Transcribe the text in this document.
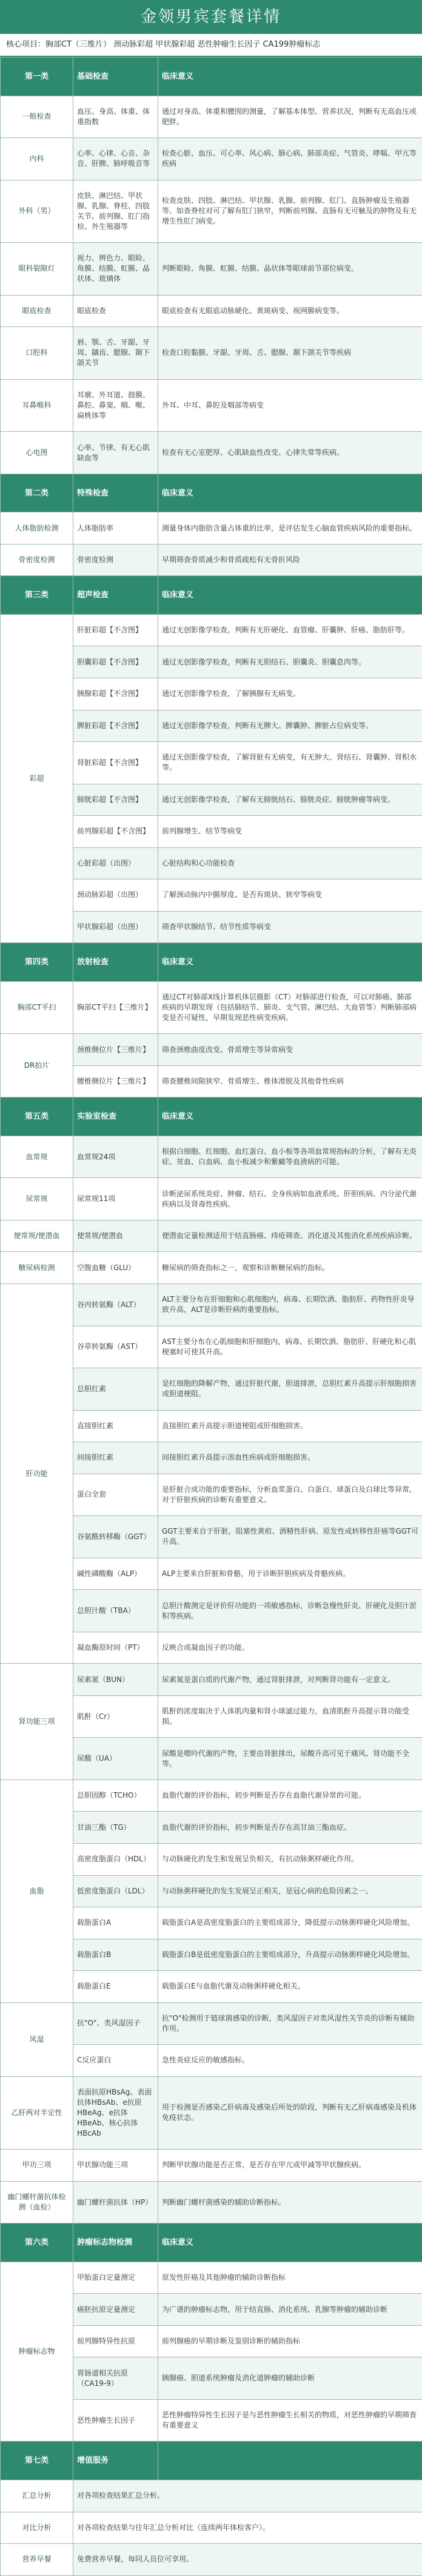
金领男宾套餐详情
核心项目：胸部CT（三维片） 颈动脉彩超 甲状腺彩超 恶性肿瘤生长因子 CA199肿瘤标志
第一类	基础检查	临床意义
一般检查	血压、身高、体重、体重指数	通过对身高、体重和腰围的测量，了解基本体型、营养状况，判断有无高血压或肥胖。
内科	心率、心律、心音、杂音、肝脾、肺呼吸音等	检查心脏、血压、可心率、风心病、肺心病、肺部炎症、气管炎、哮喘、甲亢等疾病
外科（男）	皮肤、淋巴结、甲状腺、乳腺、脊柱、四肢关节、前列腺、肛门指检、外生殖器等	检查皮肤、四肢、淋巴结、甲状腺、乳腺、前列腺、肛门、直肠肿瘤及生殖器等。如查脊柱对可了解有肛门狭窄，判断前列腺、直肠有无可触及的肿物及有无增生性肛门病变。
眼科裂隙灯	视力、辨色力、眼睑、角膜、结膜、虹膜、晶状体、玻璃体	判断眼睑、角膜、虹膜、结膜、晶状体等眼球前节部位病变。
眼底检查	眼底检查	眼底检查有无眼底动脉硬化、黄斑病变、视网膜病变等。
口腔科	唇、颚、舌、牙龈、牙周、龋齿、腮腺、颞下颌关节	检查口腔黏膜、牙龈、牙周、舌、腮腺、颞下颌关节等疾病
耳鼻喉科	耳廓、外耳道、鼓膜、鼻腔、鼻窦、咽、喉、扁桃体等	外耳、中耳、鼻腔及咽部等病变
心电图	心率、节律、有无心肌缺血等	检查有无心室肥厚、心肌缺血性改变、心律失常等疾病。
第二类	特殊检查	临床意义
人体脂肪检测	人体脂肪率	测量身体内脂肪含量占体重的比率，是评估发生心脑血管疾病风险的重要指标。
骨密度检测	骨密度检测	早期筛查骨质减少和骨质疏松有无骨折风险
第三类	超声检查	临床意义
彩超	肝脏彩超【不含图】	通过无创影像学检查，判断有无肝硬化、血管瘤、肝囊肿、肝癌、脂肪肝等。
	胆囊彩超【不含图】	通过无创影像学检查，判断有无胆结石、胆囊炎、胆囊息肉等。
	胰腺彩超【不含图】	通过无创影像学检查，了解胰腺有无病变。
	脾脏彩超【不含图】	通过无创影像学检查，判断有无脾大、脾囊肿、脾脏占位病变等。
	肾脏彩超【不含图】	通过无创影像学检查，了解肾脏有无病变，有无肿大、肾结石、肾囊肿、肾积水等。
	膀胱彩超【不含图】	通过无创影像学检查，了解有无膀胱结石、膀胱炎症、膀胱肿瘤等病变。
	前列腺彩超【不含图】	前列腺增生、结节等病变
	心脏彩超（出图）	心脏结构和心功能检查
	颈动脉彩超（出图）	了解颈动脉内中膜厚度、是否有斑块、狭窄等病变
	甲状腺彩超（出图）	筛查甲状腺结节、结节性质等病变
第四类	放射检查	临床意义
胸部CT平扫	胸部CT平扫【三维片】	通过CT对肺部X线计算机体层摄影（CT）对肺部进行检查，可以对肺癌、肺部疾病的早期发现（包括肺结节、肺炎、支气管、淋巴结、大血管等）判断肺部病变是否可疑性，早期发现恶性病变疾病。
DR拍片	颈椎侧位片【三维片】	筛查颈椎曲度改变、骨质增生等异常病变
	腰椎侧位片【三维片】	筛查腰椎间隙狭窄、骨质增生、椎体滑脱及其他骨性疾病
第五类	实验室检查	临床意义
血常规	血常规24项	根据白细胞、红细胞、血红蛋白、血小板等各项血常规指标的分析，了解有无炎症、贫血、白血病、血小板减少和紫癜等血液病的可能。
尿常规	尿常规11项	诊断泌尿系统炎症、肿瘤、结石、全身疾病如血液系统、肝胆疾病、内分泌代谢疾病以及肾毒性疾病。
便常规/便潜血	便常规/便潜血	便潜血定量检测适用于结直肠癌、痔疮筛查、消化道及其他消化系统疾病诊断。
糖尿病检测	空腹血糖（GLU）	糖尿病的筛查指标之一，观察和诊断糖尿病的指标。
肝功能	谷丙转氨酶（ALT）	ALT主要分布在肝细胞和心肌细胞内，病毒、长期饮酒、脂肪肝、药物性肝炎导致升高，ALT是诊断肝病的重要指标。
	谷草转氨酶（AST）	AST主要分布在心肌细胞和肝细胞内，病毒、长期饮酒、脂肪肝、肝硬化和心肌梗塞时可使其升高。
	总胆红素	是红细胞的降解产物，通过肝脏代谢，胆道排泄，总胆红素升高提示肝细胞损害或胆道梗阻。
	直接胆红素	直接胆红素升高提示胆道梗阻或肝细胞损害。
	间接胆红素	间接胆红素升高提示溶血性疾病或肝细胞损害。
	蛋白全套	是肝脏合成功能的重要指标，分析血浆蛋白、白蛋白、球蛋白及白球比等异常，对于肝脏疾病的诊断有重要意义。
	谷氨酰转移酶（GGT）	GGT主要来自于肝脏，阻塞性黄疸、酒精性肝病、原发性或转移性肝癌等GGT可升高。
	碱性磷酸酶（ALP）	ALP主要来自肝脏和骨骼，用于诊断肝胆疾病及骨骼疾病。
	总胆汁酸（TBA）	总胆汁酸测定是评价肝功能的一项敏感指标，诊断急慢性肝炎、肝硬化及胆汁淤积等疾病。
	凝血酶原时间（PT）	反映合成凝血因子的功能。
肾功能三项	尿素氮（BUN）	尿素氮是蛋白质的代谢产物，通过肾脏排泄，对判断肾功能有一定意义。
	肌酐（Cr）	肌酐的浓度取决于人体肌肉量和肾小球滤过能力，血清肌酐升高提示肾功能受损。
	尿酸（UA）	尿酸是嘌呤代谢的产物，主要由肾脏排出，尿酸升高可见于痛风、肾功能不全等。
血脂	总胆固醇（TCHO）	血脂代谢的评价指标，初步判断是否存在血脂代谢异常的可能。
	甘油三酯（TG）	血脂代谢的评价指标，初步判断是否存在高甘油三酯血症。
	高密度脂蛋白（HDL）	与动脉硬化的发生和发展呈负相关，有抗动脉粥样硬化作用。
	低密度脂蛋白（LDL）	与动脉粥样硬化的发生发展呈正相关，是冠心病的危险因素之一。
	载脂蛋白A	载脂蛋白A是高密度脂蛋白的主要组成部分，降低提示动脉粥样硬化风险增加。
	载脂蛋白B	载脂蛋白B是低密度脂蛋白的主要组成部分，升高提示动脉粥样硬化风险增加。
	载脂蛋白E	载脂蛋白E与血脂代谢及动脉粥样硬化相关。
风湿	抗"O"、类风湿因子	抗"O"检测用于链球菌感染的诊断，类风湿因子对类风湿性关节炎的诊断有辅助作用。
	C反应蛋白	急性炎症反应的敏感指标。
乙肝两对半定性	表面抗原HBsAg、表面抗体HBsAb、e抗原HBeAg、e抗体HBeAb、核心抗体HBcAb	用于检测是否感染乙肝病毒及感染后所处的阶段，判断有无乙肝病毒感染及机体免疫状态。
甲功三项	甲状腺功能三项	判断甲状腺功能是否正常，是否存在甲亢或甲减等甲状腺疾病。
幽门螺杆菌抗体检测（血检）	幽门螺杆菌抗体（HP）	判断幽门螺杆菌感染的辅助诊断指标。
第六类	肿瘤标志物检测	临床意义
肿瘤标志物	甲胎蛋白定量测定	原发性肝癌及其他肿瘤的辅助诊断指标
	癌胚抗原定量测定	为广谱的肿瘤标志物，用于结直肠、消化系统、乳腺等肿瘤的辅助诊断
	前列腺特异性抗原	前列腺癌的早期诊断及鉴别诊断的辅助指标
	胃肠道相关抗原（CA19-9）	胰腺癌、胆道系统肿瘤及消化道肿瘤的辅助诊断
	恶性肿瘤生长因子	恶性肿瘤特异性生长因子是与恶性肿瘤生长相关的物质，对恶性肿瘤的早期筛查有重要意义
第七类	增值服务	
汇总分析	对各项检查结果汇总分析。	
对比分析	对各项检查结果与往年汇总分析对比（连续两年体检客户）。	
营养早餐	免费营养早餐，每同人员位可享用。	
